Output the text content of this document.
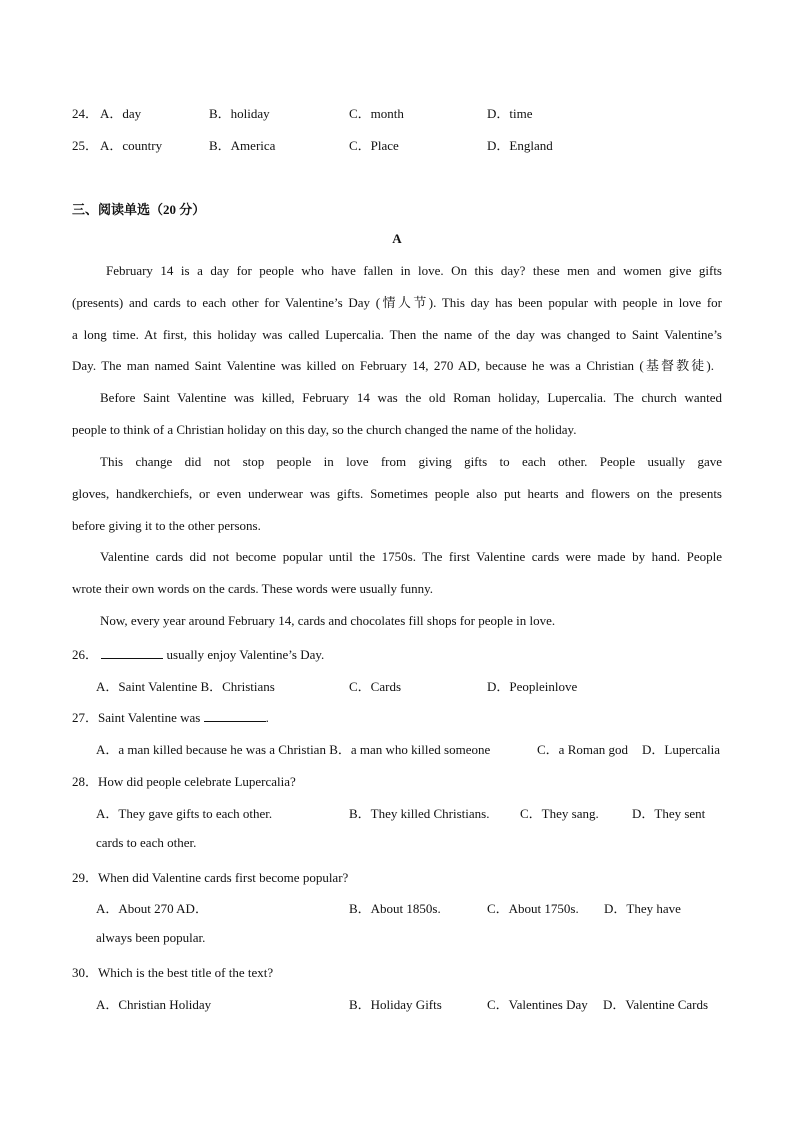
24． A．day	B．holiday	C．month	D．time
25． A．country	B．America	C．Place	D．England
三、阅读单选（20 分）
A
February 14 is a day for people who have fallen in love. On this day? these men and women give gifts
(presents) and cards to each other for Valentine’s Day (情人节). This day has been popular with people in love for
a long time. At first, this holiday was called Lupercalia. Then the name of the day was changed to Saint Valentine’s
Day. The man named Saint Valentine was killed on February 14, 270 AD, because he was a Christian (基督教徒).
Before Saint Valentine was killed, February 14 was the old Roman holiday, Lupercalia. The church wanted
people to think of a Christian holiday on this day, so the church changed the name of the holiday.
This change did not stop people in love from giving gifts to each other. People usually gave
gloves, handkerchiefs, or even underwear was gifts. Sometimes people also put hearts and flowers on the presents
before giving it to the other persons.
Valentine cards did not become popular until the 1750s. The first Valentine cards were made by hand. People
wrote their own words on the cards. These words were usually funny.
Now, every year around February 14, cards and chocolates fill shops for people in love.
26．	usually enjoy Valentine’s Day.
A．Saint Valentine B．Christians	C．Cards	D．Peopleinlove
27．Saint Valentine was	.
A．a man killed because he was a Christian B．a man who killed someone	C．a Roman god D．Lupercalia
28．How did people celebrate Lupercalia?
A．They gave gifts to each other.	B．They killed Christians. C．They sang.	D．They sent
cards to each other.
29．When did Valentine cards first become popular?
A．About 270 AD．	B．About 1850s.	C．About 1750s. D．They have
always been popular.
30．Which is the best title of the text?
A．Christian Holiday	B．Holiday Gifts	C．Valentines Day D．Valentine Cards
